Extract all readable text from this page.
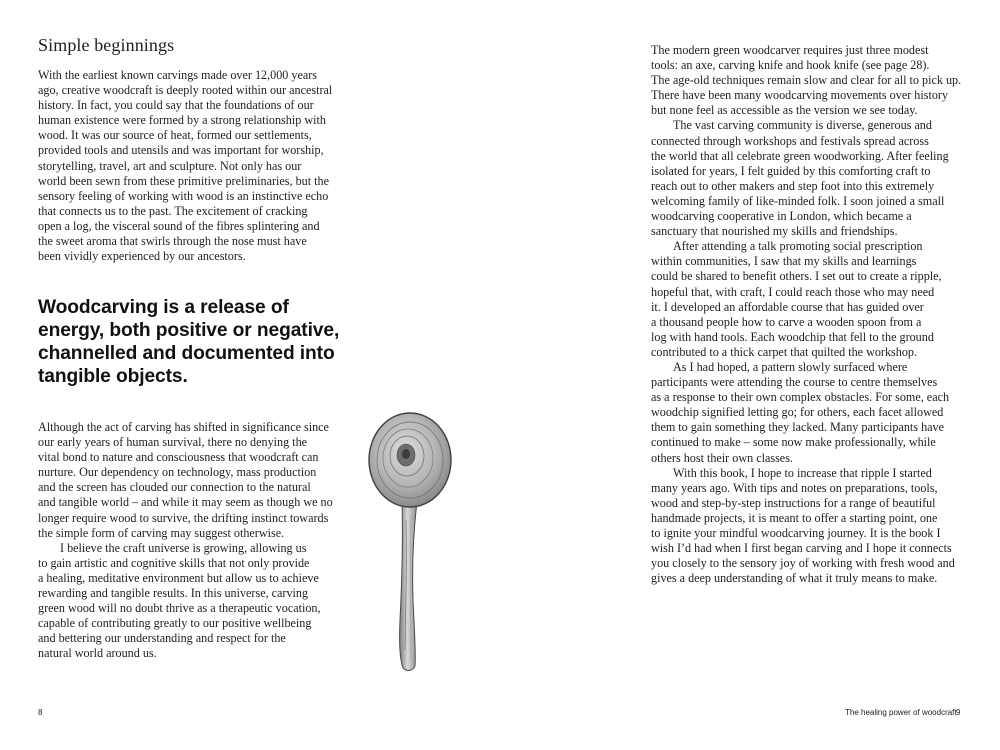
Simple beginnings

With the earliest known carvings made over 12,000 years

ago, creative woodcraft is deeply rooted within our ancestral

history. In fact, you could say that the foundations of our

human existence were formed by a strong relationship with

wood. It was our source of heat, formed our settlements,

provided tools and utensils and was important for worship,

storytelling, travel, art and sculpture. Not only has our

world been sewn from these primitive preliminaries, but the

sensory feeling of working with wood is an instinctive echo

that connects us to the past. The excitement of cracking

open a log, the visceral sound of the fibres splintering and

the sweet aroma that swirls through the nose must have

been vividly experienced by our ancestors.

Woodcarving is a release of
energy, both positive or negative,
channelled and documented into
tangible objects.

Although the act of carving has shifted in significance since

our early years of human survival, there no denying the

vital bond to nature and consciousness that woodcraft can

nurture. Our dependency on technology, mass production

and the screen has clouded our connection to the natural

and tangible world – and while it may seem as though we no

longer require wood to survive, the drifting instinct towards

the simple form of carving may suggest otherwise.

I believe the craft universe is growing, allowing us

to gain artistic and cognitive skills that not only provide

a healing, meditative environment but allow us to achieve

rewarding and tangible results. In this universe, carving

green wood will no doubt thrive as a therapeutic vocation,

capable of contributing greatly to our positive wellbeing

and bettering our understanding and respect for the

natural world around us.

The modern green woodcarver requires just three modest

tools: an axe, carving knife and hook knife (see page 28).

The age-old techniques remain slow and clear for all to pick up.

There have been many woodcarving movements over history

but none feel as accessible as the version we see today.

The vast carving community is diverse, generous and

connected through workshops and festivals spread across

the world that all celebrate green woodworking. After feeling

isolated for years, I felt guided by this comforting craft to

reach out to other makers and step foot into this extremely

welcoming family of like-minded folk. I soon joined a small

woodcarving cooperative in London, which became a

sanctuary that nourished my skills and friendships.

After attending a talk promoting social prescription

within communities, I saw that my skills and learnings

could be shared to benefit others. I set out to create a ripple,

hopeful that, with craft, I could reach those who may need

it. I developed an affordable course that has guided over

a thousand people how to carve a wooden spoon from a

log with hand tools. Each woodchip that fell to the ground

contributed to a thick carpet that quilted the workshop.

As I had hoped, a pattern slowly surfaced where

participants were attending the course to centre themselves

as a response to their own complex obstacles. For some, each

woodchip signified letting go; for others, each facet allowed

them to gain something they lacked. Many participants have

continued to make – some now make professionally, while

others host their own classes.

With this book, I hope to increase that ripple I started

many years ago. With tips and notes on preparations, tools,

wood and step-by-step instructions for a range of beautiful

handmade projects, it is meant to offer a starting point, one

to ignite your mindful woodcarving journey. It is the book I

wish I’d had when I first began carving and I hope it connects

you closely to the sensory joy of working with fresh wood and

gives a deep understanding of what it truly means to make.

8	The healing power of woodcraft 9
